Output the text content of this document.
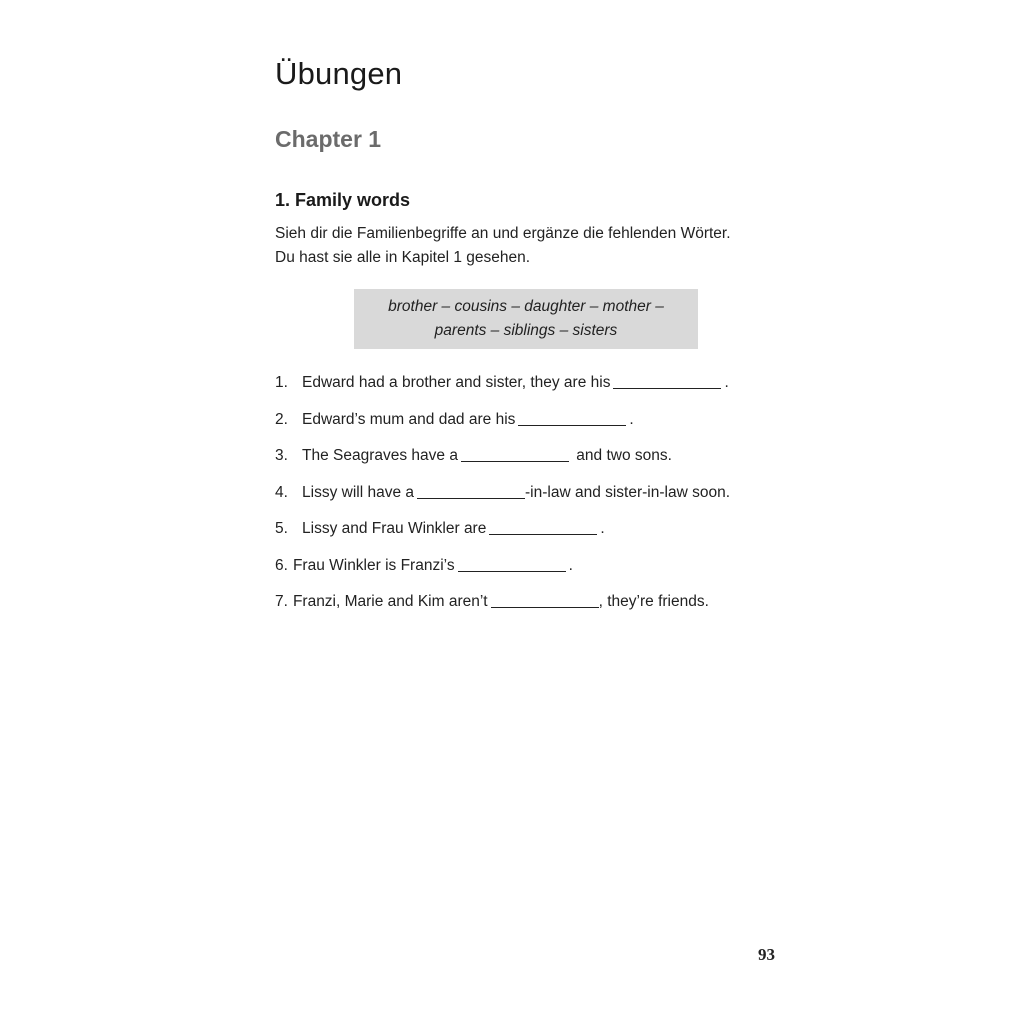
Übungen
Chapter 1
1. Family words
Sieh dir die Familienbegriffe an und ergänze die fehlenden Wörter.
Du hast sie alle in Kapitel 1 gesehen.
brother – cousins – daughter – mother –
parents – siblings – sisters
1. Edward had a brother and sister, they are his	.
2. Edward’s mum and dad are his	.
3. The Seagraves have a	and two sons.
4. Lissy will have a	-in-law and sister-in-law soon.
5. Lissy and Frau Winkler are	.
6. Frau Winkler is Franzi’s	.
7. Franzi, Marie and Kim aren’t	, they’re friends.
93
